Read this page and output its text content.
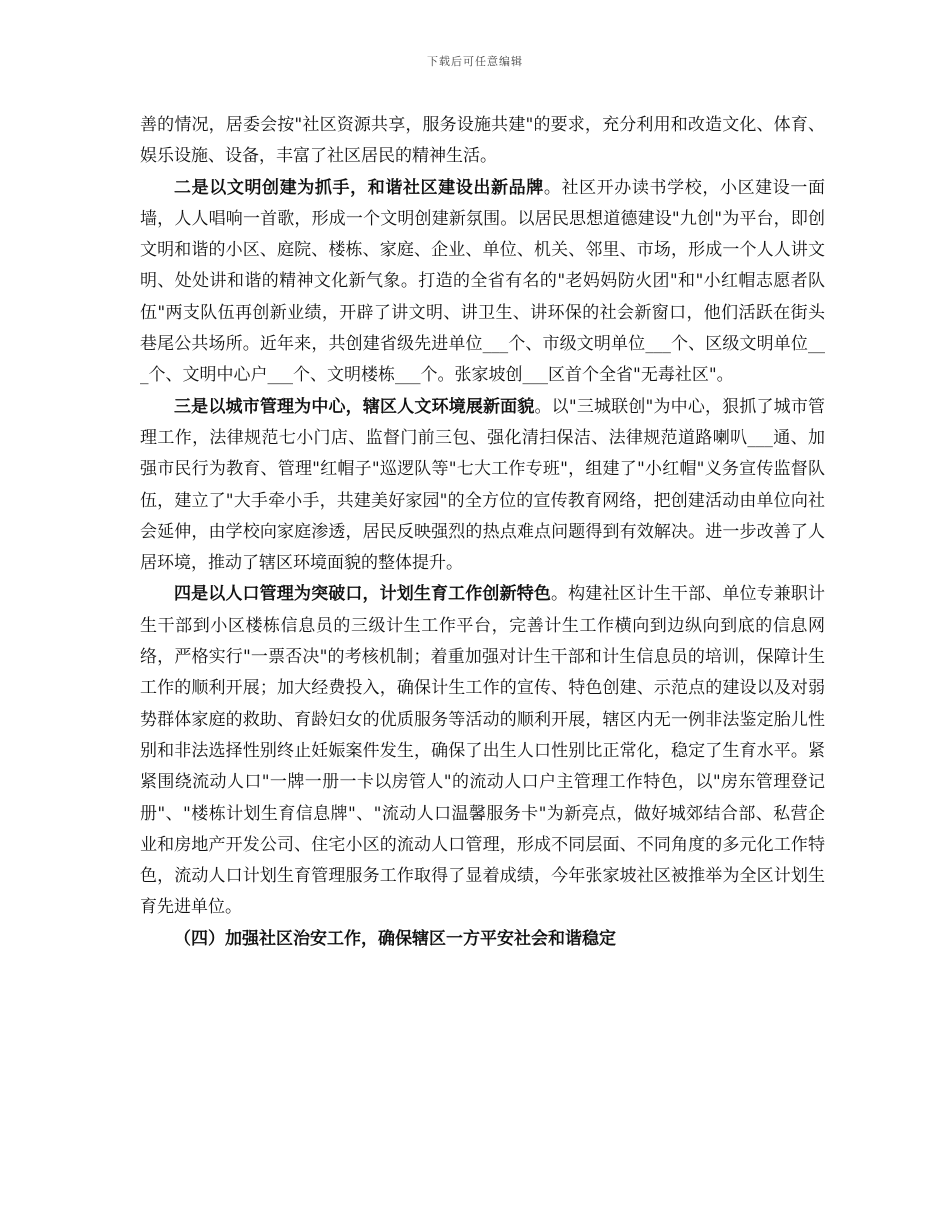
下载后可任意编辑

善的情况，居委会按"社区资源共享，服务设施共建"的要求，充分利用和改造文化、体育、娱乐设施、设备，丰富了社区居民的精神生活。

二是以文明创建为抓手，和谐社区建设出新品牌。社区开办读书学校，小区建设一面墙，人人唱响一首歌，形成一个文明创建新氛围。以居民思想道德建设"九创"为平台，即创文明和谐的小区、庭院、楼栋、家庭、企业、单位、机关、邻里、市场，形成一个人人讲文明、处处讲和谐的精神文化新气象。打造的全省有名的"老妈妈防火团"和"小红帽志愿者队伍"两支队伍再创新业绩，开辟了讲文明、讲卫生、讲环保的社会新窗口，他们活跃在街头巷尾公共场所。近年来，共创建省级先进单位___个、市级文明单位___个、区级文明单位___个、文明中心户___个、文明楼栋___个。张家坡创___区首个全省"无毒社区"。

三是以城市管理为中心，辖区人文环境展新面貌。以"三城联创"为中心，狠抓了城市管理工作，法律规范七小门店、监督门前三包、强化清扫保洁、法律规范道路喇叭___通、加强市民行为教育、管理"红帽子"巡逻队等"七大工作专班"，组建了"小红帽"义务宣传监督队伍，建立了"大手牵小手，共建美好家园"的全方位的宣传教育网络，把创建活动由单位向社会延伸，由学校向家庭渗透，居民反映强烈的热点难点问题得到有效解决。进一步改善了人居环境，推动了辖区环境面貌的整体提升。

四是以人口管理为突破口，计划生育工作创新特色。构建社区计生干部、单位专兼职计生干部到小区楼栋信息员的三级计生工作平台，完善计生工作横向到边纵向到底的信息网络，严格实行"一票否决"的考核机制；着重加强对计生干部和计生信息员的培训，保障计生工作的顺利开展；加大经费投入，确保计生工作的宣传、特色创建、示范点的建设以及对弱势群体家庭的救助、育龄妇女的优质服务等活动的顺利开展，辖区内无一例非法鉴定胎儿性别和非法选择性别终止妊娠案件发生，确保了出生人口性别比正常化，稳定了生育水平。紧紧围绕流动人口"一牌一册一卡以房管人"的流动人口户主管理工作特色，以"房东管理登记册"、"楼栋计划生育信息牌"、"流动人口温馨服务卡"为新亮点，做好城郊结合部、私营企业和房地产开发公司、住宅小区的流动人口管理，形成不同层面、不同角度的多元化工作特色，流动人口计划生育管理服务工作取得了显着成绩，今年张家坡社区被推举为全区计划生育先进单位。

（四）加强社区治安工作，确保辖区一方平安社会和谐稳定
